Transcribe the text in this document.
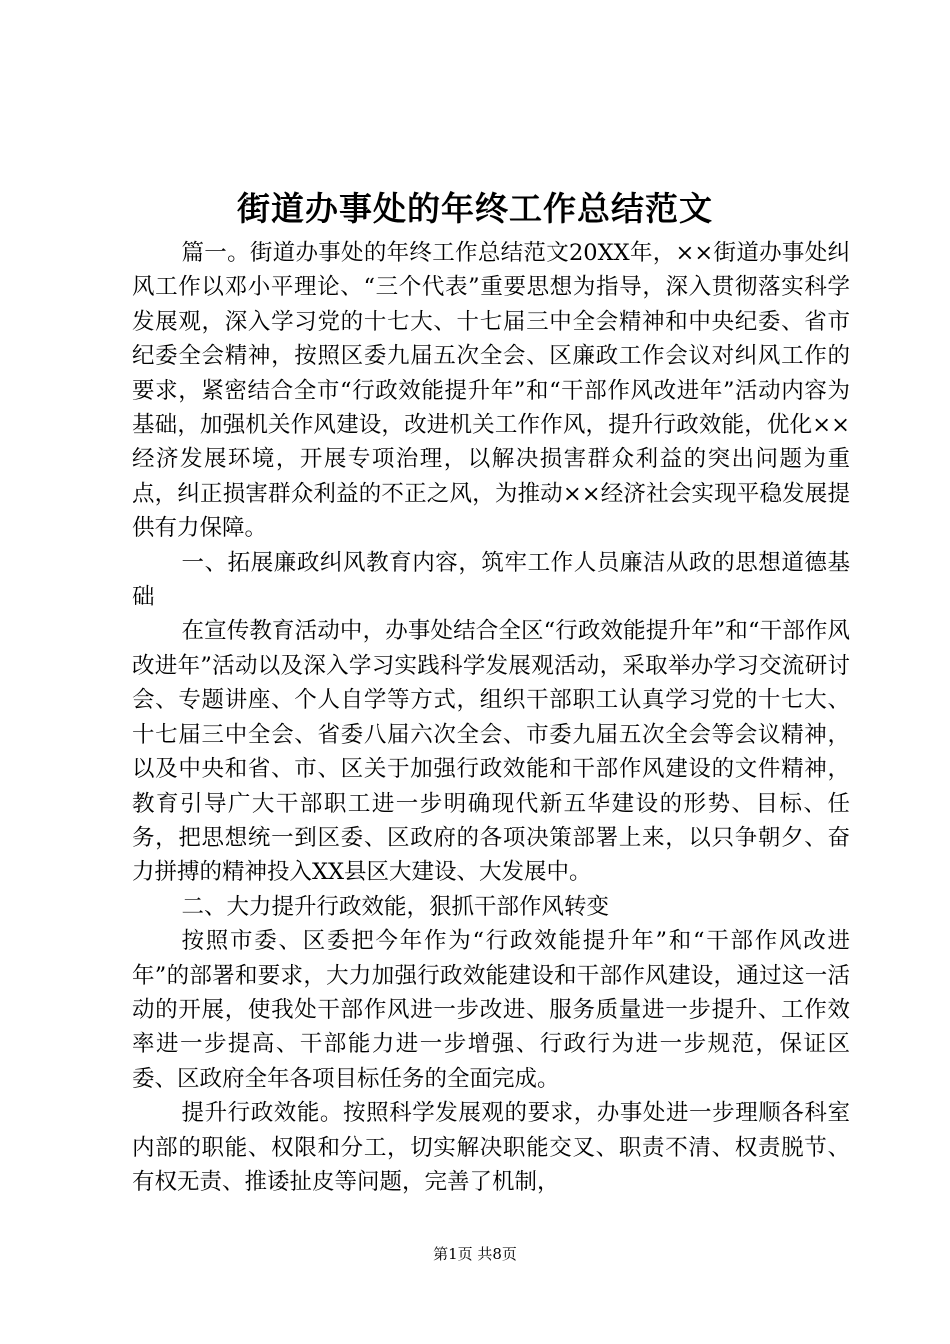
街道办事处的年终工作总结范文

篇一。街道办事处的年终工作总结范文20XX年，××街道办事处纠风工作以邓小平理论、“三个代表”重要思想为指导，深入贯彻落实科学发展观，深入学习党的十七大、十七届三中全会精神和中央纪委、省市纪委全会精神，按照区委九届五次全会、区廉政工作会议对纠风工作的要求，紧密结合全市“行政效能提升年”和“干部作风改进年”活动内容为基础，加强机关作风建设，改进机关工作作风，提升行政效能，优化××经济发展环境，开展专项治理，以解决损害群众利益的突出问题为重点，纠正损害群众利益的不正之风，为推动××经济社会实现平稳发展提供有力保障。

一、拓展廉政纠风教育内容，筑牢工作人员廉洁从政的思想道德基础

在宣传教育活动中，办事处结合全区“行政效能提升年”和“干部作风改进年”活动以及深入学习实践科学发展观活动，采取举办学习交流研讨会、专题讲座、个人自学等方式，组织干部职工认真学习党的十七大、十七届三中全会、省委八届六次全会、市委九届五次全会等会议精神，以及中央和省、市、区关于加强行政效能和干部作风建设的文件精神，教育引导广大干部职工进一步明确现代新五华建设的形势、目标、任务，把思想统一到区委、区政府的各项决策部署上来，以只争朝夕、奋力拼搏的精神投入XX县区大建设、大发展中。

二、大力提升行政效能，狠抓干部作风转变

按照市委、区委把今年作为“行政效能提升年”和“干部作风改进年”的部署和要求，大力加强行政效能建设和干部作风建设，通过这一活动的开展，使我处干部作风进一步改进、服务质量进一步提升、工作效率进一步提高、干部能力进一步增强、行政行为进一步规范，保证区委、区政府全年各项目标任务的全面完成。

提升行政效能。按照科学发展观的要求，办事处进一步理顺各科室内部的职能、权限和分工，切实解决职能交叉、职责不清、权责脱节、有权无责、推诿扯皮等问题，完善了机制，

第1页 共8页
